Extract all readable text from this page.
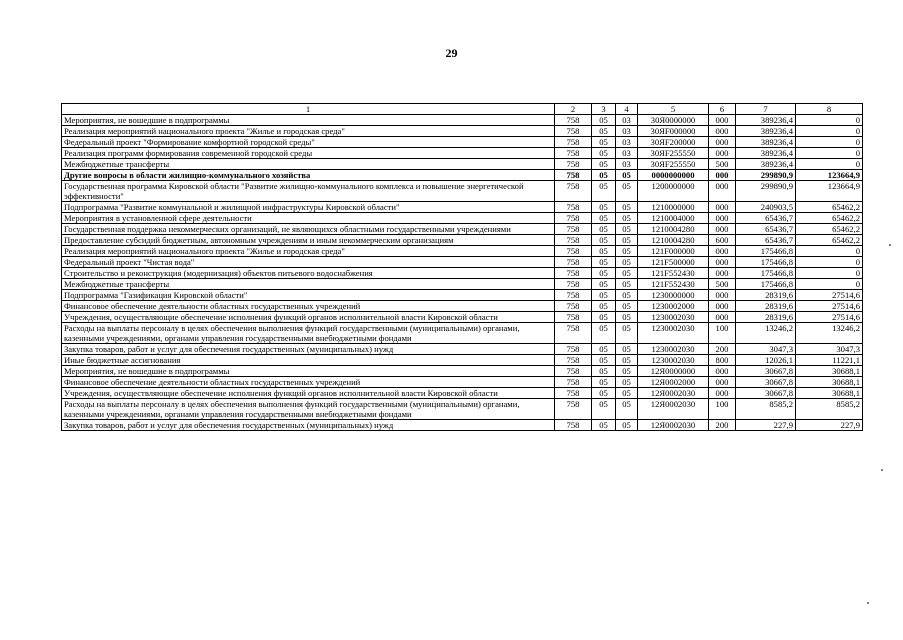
29
1	2	3	4	5	6	7	8
Мероприятия, не вошедшие в подпрограммы	758	05	03	30Я0000000	000	389236,4	0
Реализация мероприятий национального проекта "Жилье и городская среда"	758	05	03	30ЯF000000	000	389236,4	0
Федеральный проект "Формирование комфортной городской среды"	758	05	03	30ЯF200000	000	389236,4	0
Реализация программ формирования современной городской среды	758	05	03	30ЯF255550	000	389236,4	0
Межбюджетные трансферты	758	05	03	30ЯF255550	500	389236,4	0
Другие вопросы в области жилищно-коммунального хозяйства	758	05	05	0000000000	000	299890,9	123664,9
Государственная программа Кировской области "Развитие жилищно-коммунального комплекса и повышение энергетической эффективности"	758	05	05	1200000000	000	299890,9	123664,9
Подпрограмма "Развитие коммунальной и жилищной инфраструктуры Кировской области"	758	05	05	1210000000	000	240903,5	65462,2
Мероприятия в установленной сфере деятельности	758	05	05	1210004000	000	65436,7	65462,2
Государственная поддержка некоммерческих организаций, не являющихся областными государственными учреждениями	758	05	05	1210004280	000	65436,7	65462,2
Предоставление субсидий бюджетным, автономным учреждениям и иным некоммерческим организациям	758	05	05	1210004280	600	65436,7	65462,2
Реализация мероприятий национального проекта "Жилье и городская среда"	758	05	05	121F000000	000	175466,8	0
Федеральный проект "Чистая вода"	758	05	05	121F500000	000	175466,8	0
Строительство и реконструкция (модернизация) объектов питьевого водоснабжения	758	05	05	121F552430	000	175466,8	0
Межбюджетные трансферты	758	05	05	121F552430	500	175466,8	0
Подпрограмма "Газификация Кировской области"	758	05	05	1230000000	000	28319,6	27514,6
Финансовое обеспечение деятельности областных государственных учреждений	758	05	05	1230002000	000	28319,6	27514,6
Учреждения, осуществляющие обеспечение исполнения функций органов исполнительной власти Кировской области	758	05	05	1230002030	000	28319,6	27514,6
Расходы на выплаты персоналу в целях обеспечения выполнения функций государственными (муниципальными) органами, казенными учреждениями, органами управления государственными внебюджетными фондами	758	05	05	1230002030	100	13246,2	13246,2
Закупка товаров, работ и услуг для обеспечения государственных (муниципальных) нужд	758	05	05	1230002030	200	3047,3	3047,3
Иные бюджетные ассигнования	758	05	05	1230002030	800	12026,1	11221,1
Мероприятия, не вошедшие в подпрограммы	758	05	05	12Я0000000	000	30667,8	30688,1
Финансовое обеспечение деятельности областных государственных учреждений	758	05	05	12Я0002000	000	30667,8	30688,1
Учреждения, осуществляющие обеспечение исполнения функций органов исполнительной власти Кировской области	758	05	05	12Я0002030	000	30667,8	30688,1
Расходы на выплаты персоналу в целях обеспечения выполнения функций государственными (муниципальными) органами, казенными учреждениями, органами управления государственными внебюджетными фондами	758	05	05	12Я0002030	100	8585,2	8585,2
Закупка товаров, работ и услуг для обеспечения государственных (муниципальных) нужд	758	05	05	12Я0002030	200	227,9	227,9
